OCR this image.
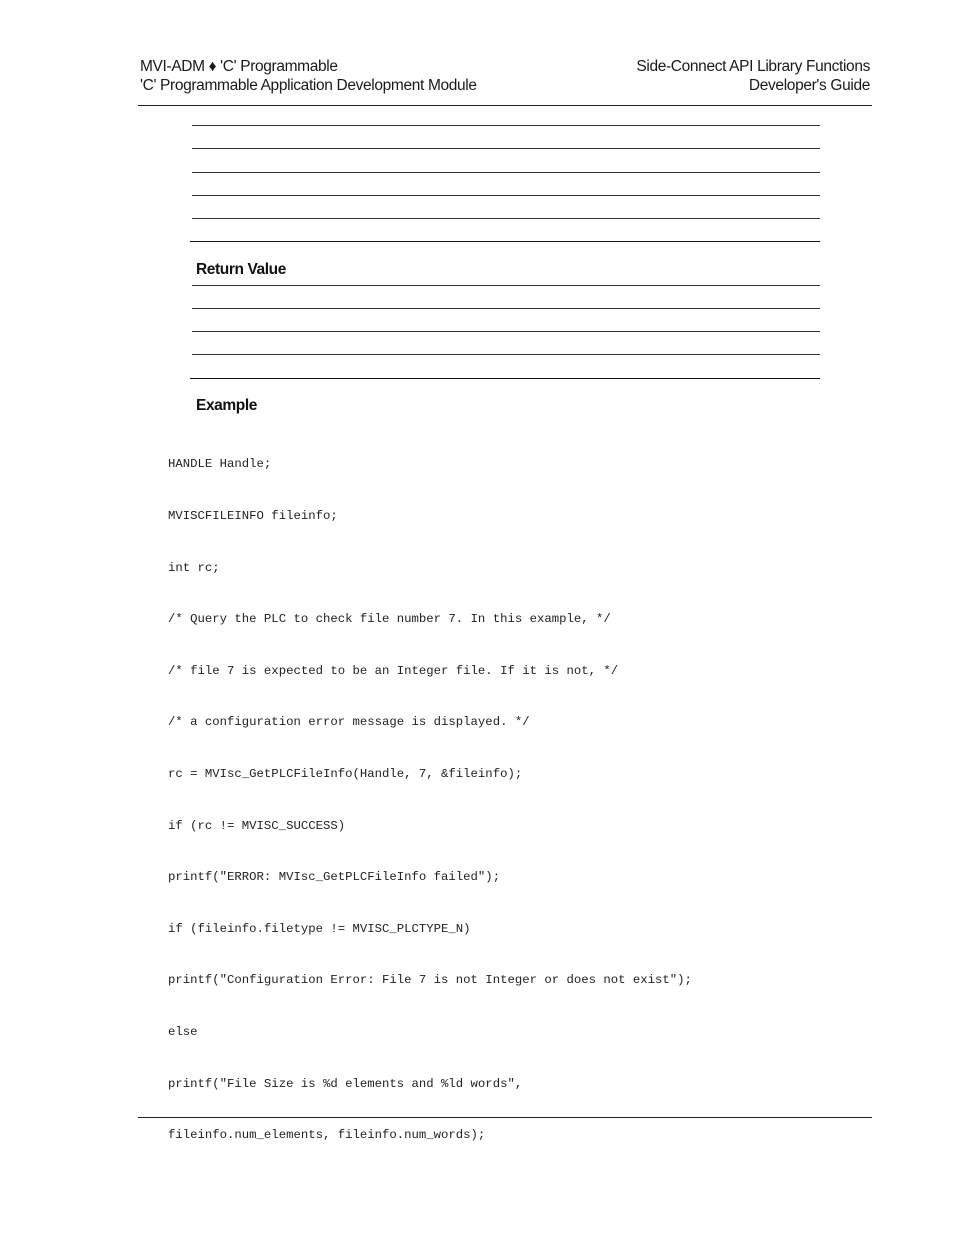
MVI-ADM ♦ 'C' Programmable
'C' Programmable Application Development Module
Side-Connect API Library Functions
Developer's Guide
Return Value
Example

HANDLE Handle;

MVISCFILEINFO fileinfo;

int rc;

/* Query the PLC to check file number 7. In this example, */

/* file 7 is expected to be an Integer file. If it is not, */

/* a configuration error message is displayed. */

rc = MVIsc_GetPLCFileInfo(Handle, 7, &fileinfo);

if (rc != MVISC_SUCCESS)

printf("ERROR: MVIsc_GetPLCFileInfo failed");

if (fileinfo.filetype != MVISC_PLCTYPE_N)

printf("Configuration Error: File 7 is not Integer or does not exist");

else

printf("File Size is %d elements and %ld words",

fileinfo.num_elements, fileinfo.num_words);
